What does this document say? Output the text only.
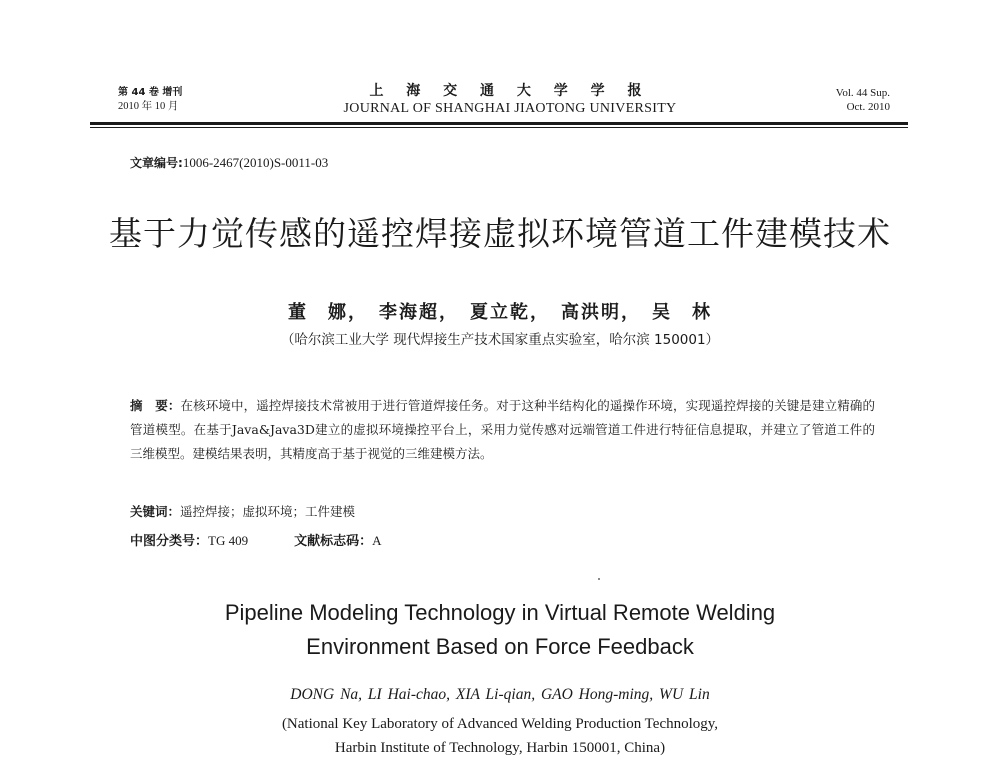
第 44 卷 增刊
2010 年 10 月
上 海 交 通 大 学 学 报
JOURNAL OF SHANGHAI JIAOTONG UNIVERSITY
Vol. 44 Sup.
Oct. 2010
文章编号:1006-2467(2010)S-0011-03
基于力觉传感的遥控焊接虚拟环境管道工件建模技术
董　娜，　李海超，　夏立乾，　高洪明，　吴　林
（哈尔滨工业大学 现代焊接生产技术国家重点实验室，哈尔滨 150001）
摘　要：在核环境中，遥控焊接技术常被用于进行管道焊接任务。对于这种半结构化的遥操作环境，实现遥控焊接的关键是建立精确的管道模型。在基于Java&Java3D建立的虚拟环境操控平台上，采用力觉传感对远端管道工件进行特征信息提取，并建立了管道工件的三维模型。建模结果表明，其精度高于基于视觉的三维建模方法。
关键词：遥控焊接；虚拟环境；工件建模
中图分类号：TG 409	文献标志码：A
Pipeline Modeling Technology in Virtual Remote Welding
Environment Based on Force Feedback
DONG Na, LI Hai-chao, XIA Li-qian, GAO Hong-ming, WU Lin
(National Key Laboratory of Advanced Welding Production Technology,
Harbin Institute of Technology, Harbin 150001, China)
